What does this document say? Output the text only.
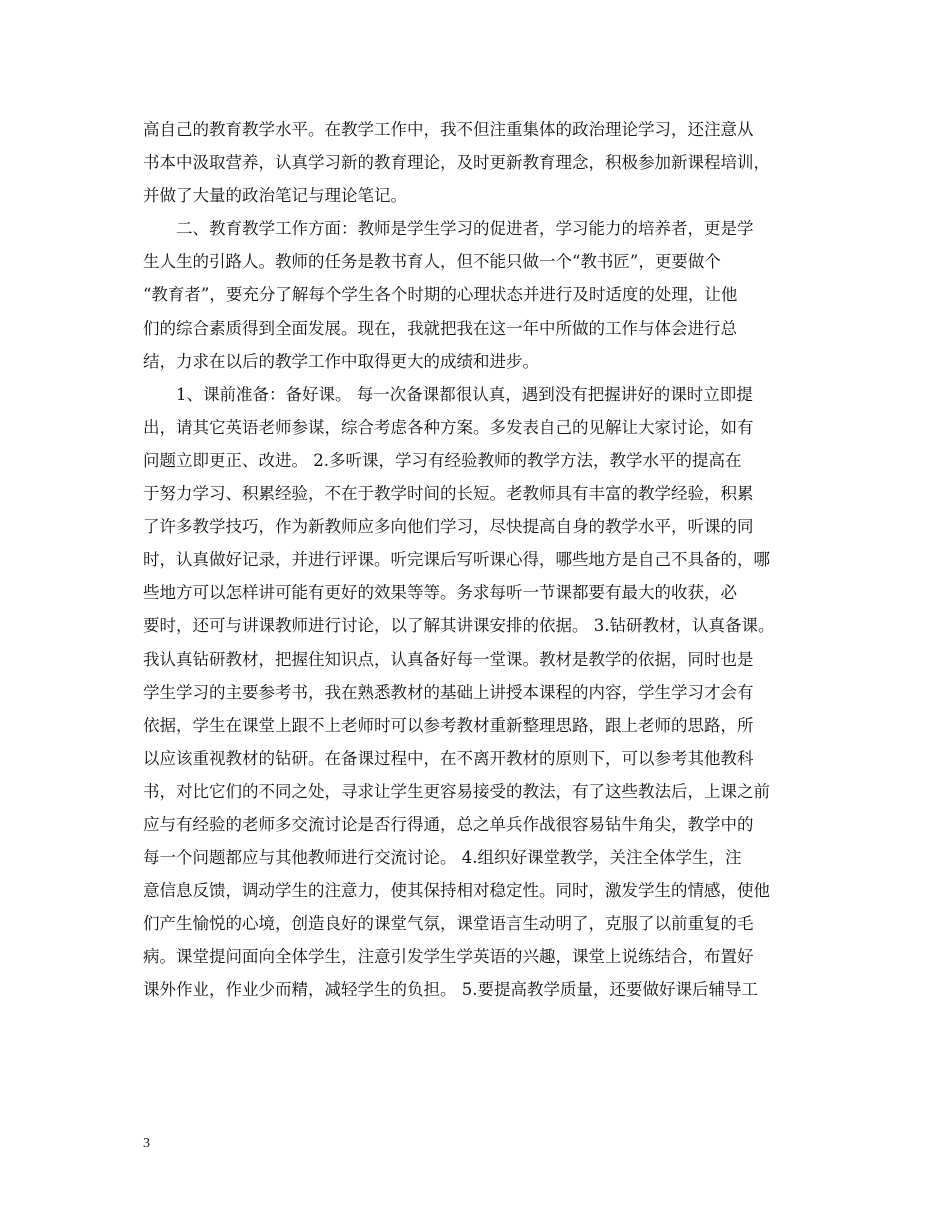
高自己的教育教学水平。在教学工作中，我不但注重集体的政治理论学习，还注意从
书本中汲取营养，认真学习新的教育理论，及时更新教育理念，积极参加新课程培训，
并做了大量的政治笔记与理论笔记。
二、教育教学工作方面：教师是学生学习的促进者，学习能力的培养者，更是学
生人生的引路人。教师的任务是教书育人，但不能只做一个“教书匠”，更要做个
“教育者”，要充分了解每个学生各个时期的心理状态并进行及时适度的处理，让他
们的综合素质得到全面发展。现在，我就把我在这一年中所做的工作与体会进行总
结，力求在以后的教学工作中取得更大的成绩和进步。
1、课前准备：备好课。 每一次备课都很认真，遇到没有把握讲好的课时立即提
出，请其它英语老师参谋，综合考虑各种方案。多发表自己的见解让大家讨论，如有
问题立即更正、改进。 2.多听课，学习有经验教师的教学方法，教学水平的提高在
于努力学习、积累经验，不在于教学时间的长短。老教师具有丰富的教学经验，积累
了许多教学技巧，作为新教师应多向他们学习，尽快提高自身的教学水平，听课的同
时，认真做好记录，并进行评课。听完课后写听课心得，哪些地方是自己不具备的，哪
些地方可以怎样讲可能有更好的效果等等。务求每听一节课都要有最大的收获，必
要时，还可与讲课教师进行讨论，以了解其讲课安排的依据。 3.钻研教材，认真备课。
我认真钻研教材，把握住知识点，认真备好每一堂课。教材是教学的依据，同时也是
学生学习的主要参考书，我在熟悉教材的基础上讲授本课程的内容，学生学习才会有
依据，学生在课堂上跟不上老师时可以参考教材重新整理思路，跟上老师的思路，所
以应该重视教材的钻研。在备课过程中，在不离开教材的原则下，可以参考其他教科
书，对比它们的不同之处，寻求让学生更容易接受的教法，有了这些教法后，上课之前
应与有经验的老师多交流讨论是否行得通，总之单兵作战很容易钻牛角尖，教学中的
每一个问题都应与其他教师进行交流讨论。 4.组织好课堂教学，关注全体学生，注
意信息反馈，调动学生的注意力，使其保持相对稳定性。同时，激发学生的情感，使他
们产生愉悦的心境，创造良好的课堂气氛，课堂语言生动明了，克服了以前重复的毛
病。课堂提问面向全体学生，注意引发学生学英语的兴趣，课堂上说练结合，布置好
课外作业，作业少而精，减轻学生的负担。 5.要提高教学质量，还要做好课后辅导工
3
